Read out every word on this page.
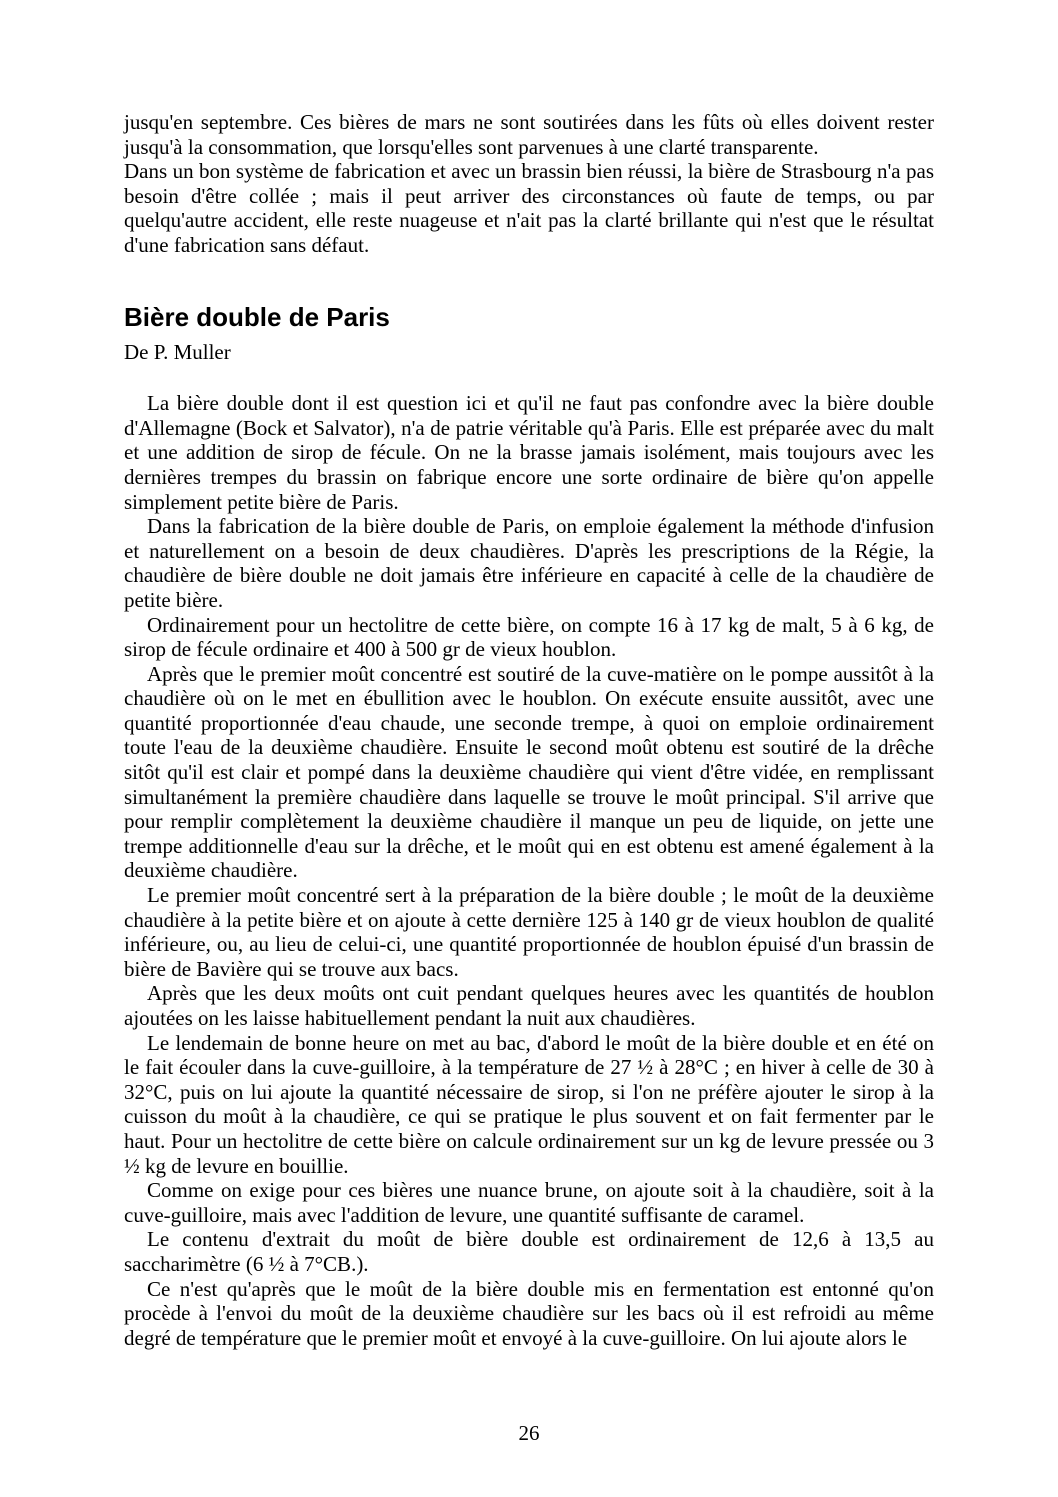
jusqu'en septembre. Ces bières de mars ne sont soutirées dans les fûts où elles doivent rester jusqu'à la consommation, que lorsqu'elles sont parvenues à une clarté transparente.

Dans un bon système de fabrication et avec un brassin bien réussi, la bière de Strasbourg n'a pas besoin d'être collée ; mais il peut arriver des circonstances où faute de temps, ou par quelqu'autre accident, elle reste nuageuse et n'ait pas la clarté brillante qui n'est que le résultat d'une fabrication sans défaut.

Bière double de Paris

De P. Muller

La bière double dont il est question ici et qu'il ne faut pas confondre avec la bière double d'Allemagne (Bock et Salvator), n'a de patrie véritable qu'à Paris. Elle est préparée avec du malt et une addition de sirop de fécule. On ne la brasse jamais isolément, mais toujours avec les dernières trempes du brassin on fabrique encore une sorte ordinaire de bière qu'on appelle simplement petite bière de Paris.

Dans la fabrication de la bière double de Paris, on emploie également la méthode d'infusion et naturellement on a besoin de deux chaudières. D'après les prescriptions de la Régie, la chaudière de bière double ne doit jamais être inférieure en capacité à celle de la chaudière de petite bière.

Ordinairement pour un hectolitre de cette bière, on compte 16 à 17 kg de malt, 5 à 6 kg, de sirop de fécule ordinaire et 400 à 500 gr de vieux houblon.

Après que le premier moût concentré est soutiré de la cuve-matière on le pompe aussitôt à la chaudière où on le met en ébullition avec le houblon. On exécute ensuite aussitôt, avec une quantité proportionnée d'eau chaude, une seconde trempe, à quoi on emploie ordinairement toute l'eau de la deuxième chaudière. Ensuite le second moût obtenu est soutiré de la drêche sitôt qu'il est clair et pompé dans la deuxième chaudière qui vient d'être vidée, en remplissant simultanément la première chaudière dans laquelle se trouve le moût principal. S'il arrive que pour remplir complètement la deuxième chaudière il manque un peu de liquide, on jette une trempe additionnelle d'eau sur la drêche, et le moût qui en est obtenu est amené également à la deuxième chaudière.

Le premier moût concentré sert à la préparation de la bière double ; le moût de la deuxième chaudière à la petite bière et on ajoute à cette dernière 125 à 140 gr de vieux houblon de qualité inférieure, ou, au lieu de celui-ci, une quantité proportionnée de houblon épuisé d'un brassin de bière de Bavière qui se trouve aux bacs.

Après que les deux moûts ont cuit pendant quelques heures avec les quantités de houblon ajoutées on les laisse habituellement pendant la nuit aux chaudières.

Le lendemain de bonne heure on met au bac, d'abord le moût de la bière double et en été on le fait écouler dans la cuve-guilloire, à la température de 27 ½ à 28°C ; en hiver à celle de 30 à 32°C, puis on lui ajoute la quantité nécessaire de sirop, si l'on ne préfère ajouter le sirop à la cuisson du moût à la chaudière, ce qui se pratique le plus souvent et on fait fermenter par le haut. Pour un hectolitre de cette bière on calcule ordinairement sur un kg de levure pressée ou 3 ½ kg de levure en bouillie.

Comme on exige pour ces bières une nuance brune, on ajoute soit à la chaudière, soit à la cuve-guilloire, mais avec l'addition de levure, une quantité suffisante de caramel.

Le contenu d'extrait du moût de bière double est ordinairement de 12,6 à 13,5 au saccharimètre (6 ½ à 7°CB.).

Ce n'est qu'après que le moût de la bière double mis en fermentation est entonné qu'on procède à l'envoi du moût de la deuxième chaudière sur les bacs où il est refroidi au même degré de température que le premier moût et envoyé à la cuve-guilloire. On lui ajoute alors le

26
